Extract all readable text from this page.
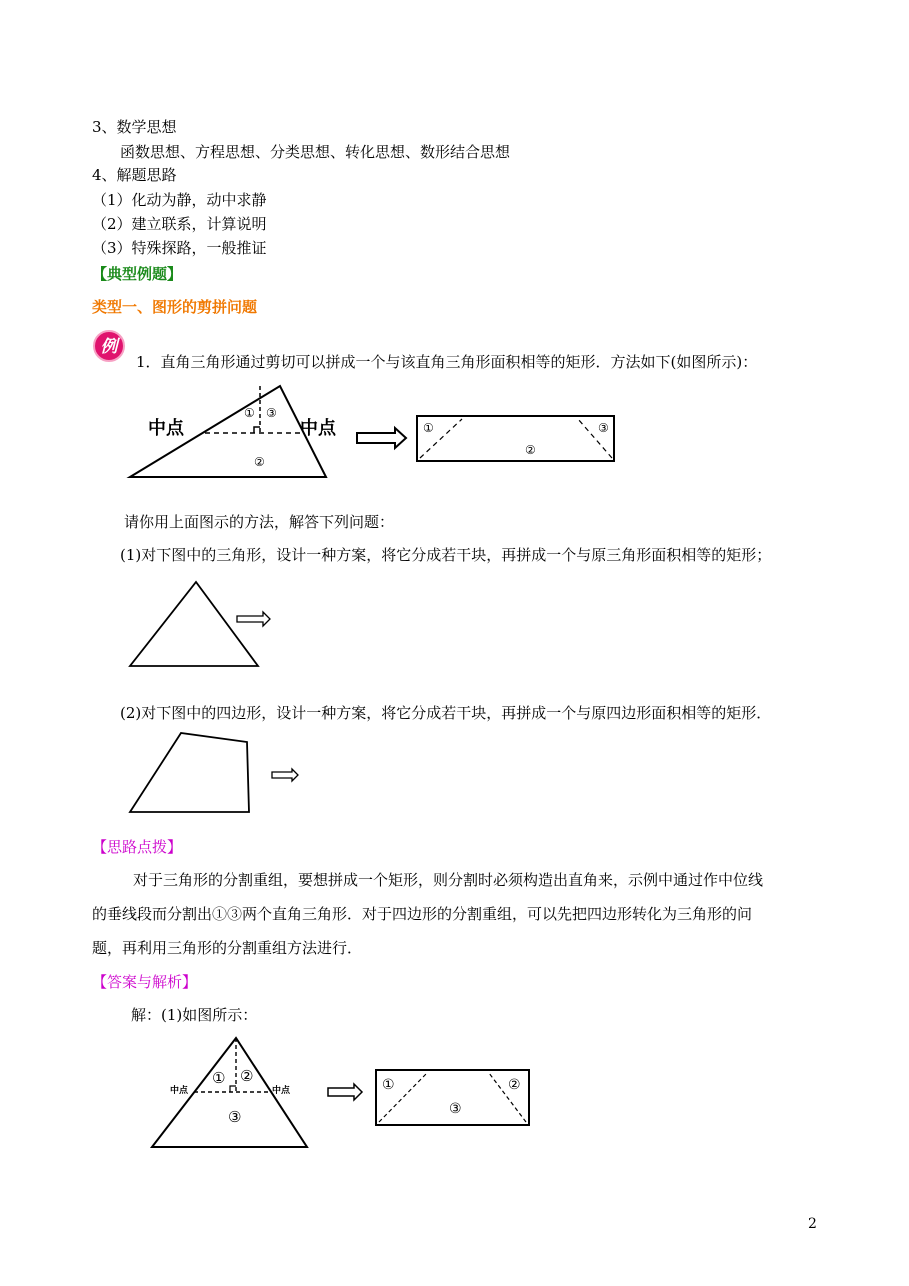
3、数学思想
函数思想、方程思想、分类思想、转化思想、数形结合思想
4、解题思路
（1）化动为静，动中求静
（2）建立联系，计算说明
（3）特殊探路，一般推证
【典型例题】
类型一、图形的剪拼问题
例
1．直角三角形通过剪切可以拼成一个与该直角三角形面积相等的矩形．方法如下(如图所示)：
中点	中点
① ③
②
①	③
②
请你用上面图示的方法，解答下列问题：
(1)对下图中的三角形，设计一种方案，将它分成若干块，再拼成一个与原三角形面积相等的矩形；
(2)对下图中的四边形，设计一种方案，将它分成若干块，再拼成一个与原四边形面积相等的矩形．
【思路点拨】
对于三角形的分割重组，要想拼成一个矩形，则分割时必须构造出直角来，示例中通过作中位线
的垂线段而分割出①③两个直角三角形．对于四边形的分割重组，可以先把四边形转化为三角形的问
题，再利用三角形的分割重组方法进行．
【答案与解析】
解：(1)如图所示：
中点	中点
① ②
③
①	②
③
2
